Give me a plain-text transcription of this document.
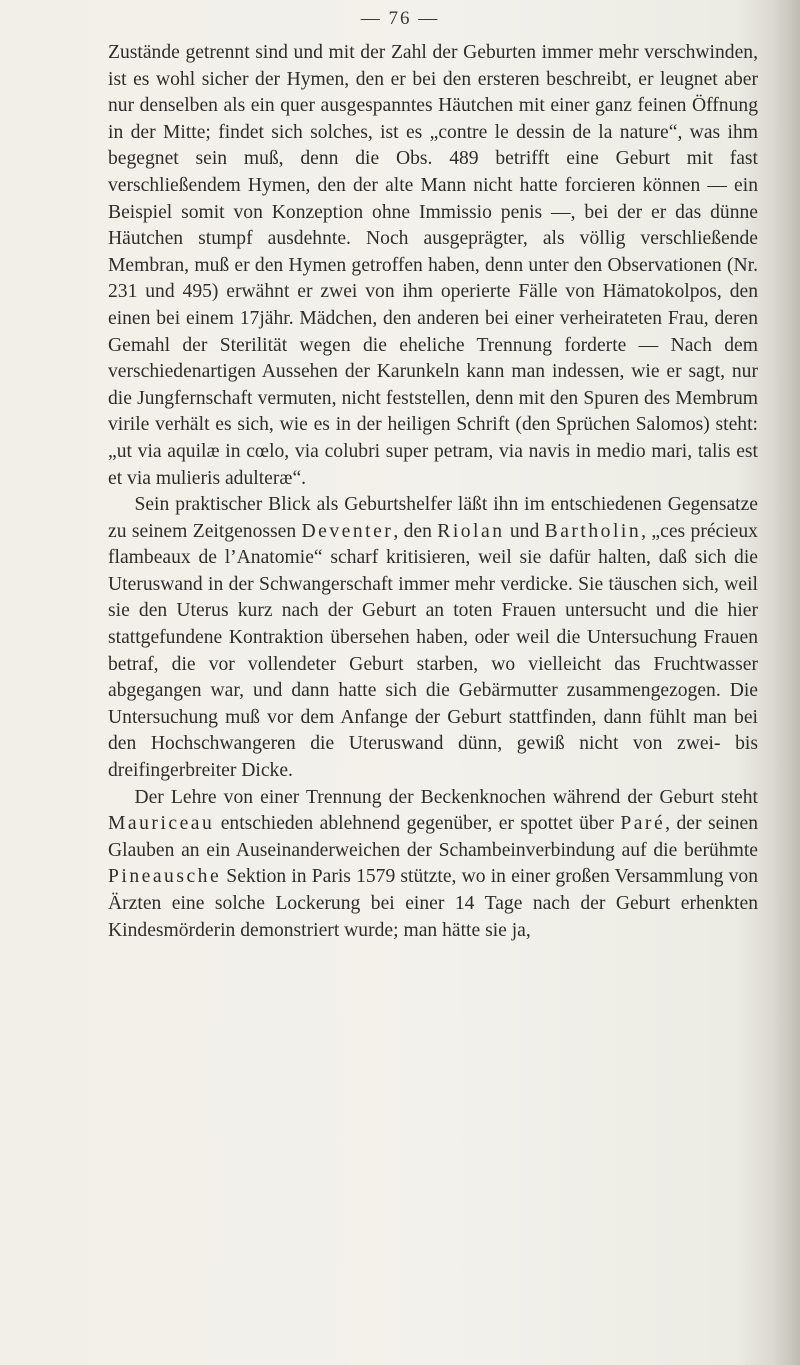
— 76 —

Zustände getrennt sind und mit der Zahl der Geburten immer mehr verschwinden, ist es wohl sicher der Hymen, den er bei den ersteren beschreibt, er leugnet aber nur denselben als ein quer ausgespanntes Häutchen mit einer ganz feinen Öffnung in der Mitte; findet sich solches, ist es „contre le dessin de la nature“, was ihm begegnet sein muß, denn die Obs. 489 betrifft eine Geburt mit fast verschließendem Hymen, den der alte Mann nicht hatte forcieren können — ein Beispiel somit von Konzeption ohne Immissio penis —, bei der er das dünne Häutchen stumpf ausdehnte. Noch ausgeprägter, als völlig verschließende Membran, muß er den Hymen getroffen haben, denn unter den Observationen (Nr. 231 und 495) erwähnt er zwei von ihm operierte Fälle von Hämatokolpos, den einen bei einem 17jähr. Mädchen, den anderen bei einer verheirateten Frau, deren Gemahl der Sterilität wegen die eheliche Trennung forderte — Nach dem verschiedenartigen Aussehen der Karunkeln kann man indessen, wie er sagt, nur die Jungfernschaft vermuten, nicht feststellen, denn mit den Spuren des Membrum virile verhält es sich, wie es in der heiligen Schrift (den Sprüchen Salomos) steht: „ut via aquilæ in cœlo, via colubri super petram, via navis in medio mari, talis est et via mulieris adulteræ“.

Sein praktischer Blick als Geburtshelfer läßt ihn im entschiedenen Gegensatze zu seinem Zeitgenossen Deventer, den Riolan und Bartholin, „ces précieux flambeaux de l’Anatomie“ scharf kritisieren, weil sie dafür halten, daß sich die Uteruswand in der Schwangerschaft immer mehr verdicke. Sie täuschen sich, weil sie den Uterus kurz nach der Geburt an toten Frauen untersucht und die hier stattgefundene Kontraktion übersehen haben, oder weil die Untersuchung Frauen betraf, die vor vollendeter Geburt starben, wo vielleicht das Fruchtwasser abgegangen war, und dann hatte sich die Gebärmutter zusammengezogen. Die Untersuchung muß vor dem Anfange der Geburt stattfinden, dann fühlt man bei den Hochschwangeren die Uteruswand dünn, gewiß nicht von zwei- bis dreifingerbreiter Dicke.

Der Lehre von einer Trennung der Beckenknochen während der Geburt steht Mauriceau entschieden ablehnend gegenüber, er spottet über Paré, der seinen Glauben an ein Auseinanderweichen der Schambeinverbindung auf die berühmte Pineausche Sektion in Paris 1579 stützte, wo in einer großen Versammlung von Ärzten eine solche Lockerung bei einer 14 Tage nach der Geburt erhenkten Kindesmörderin demonstriert wurde; man hätte sie ja,
